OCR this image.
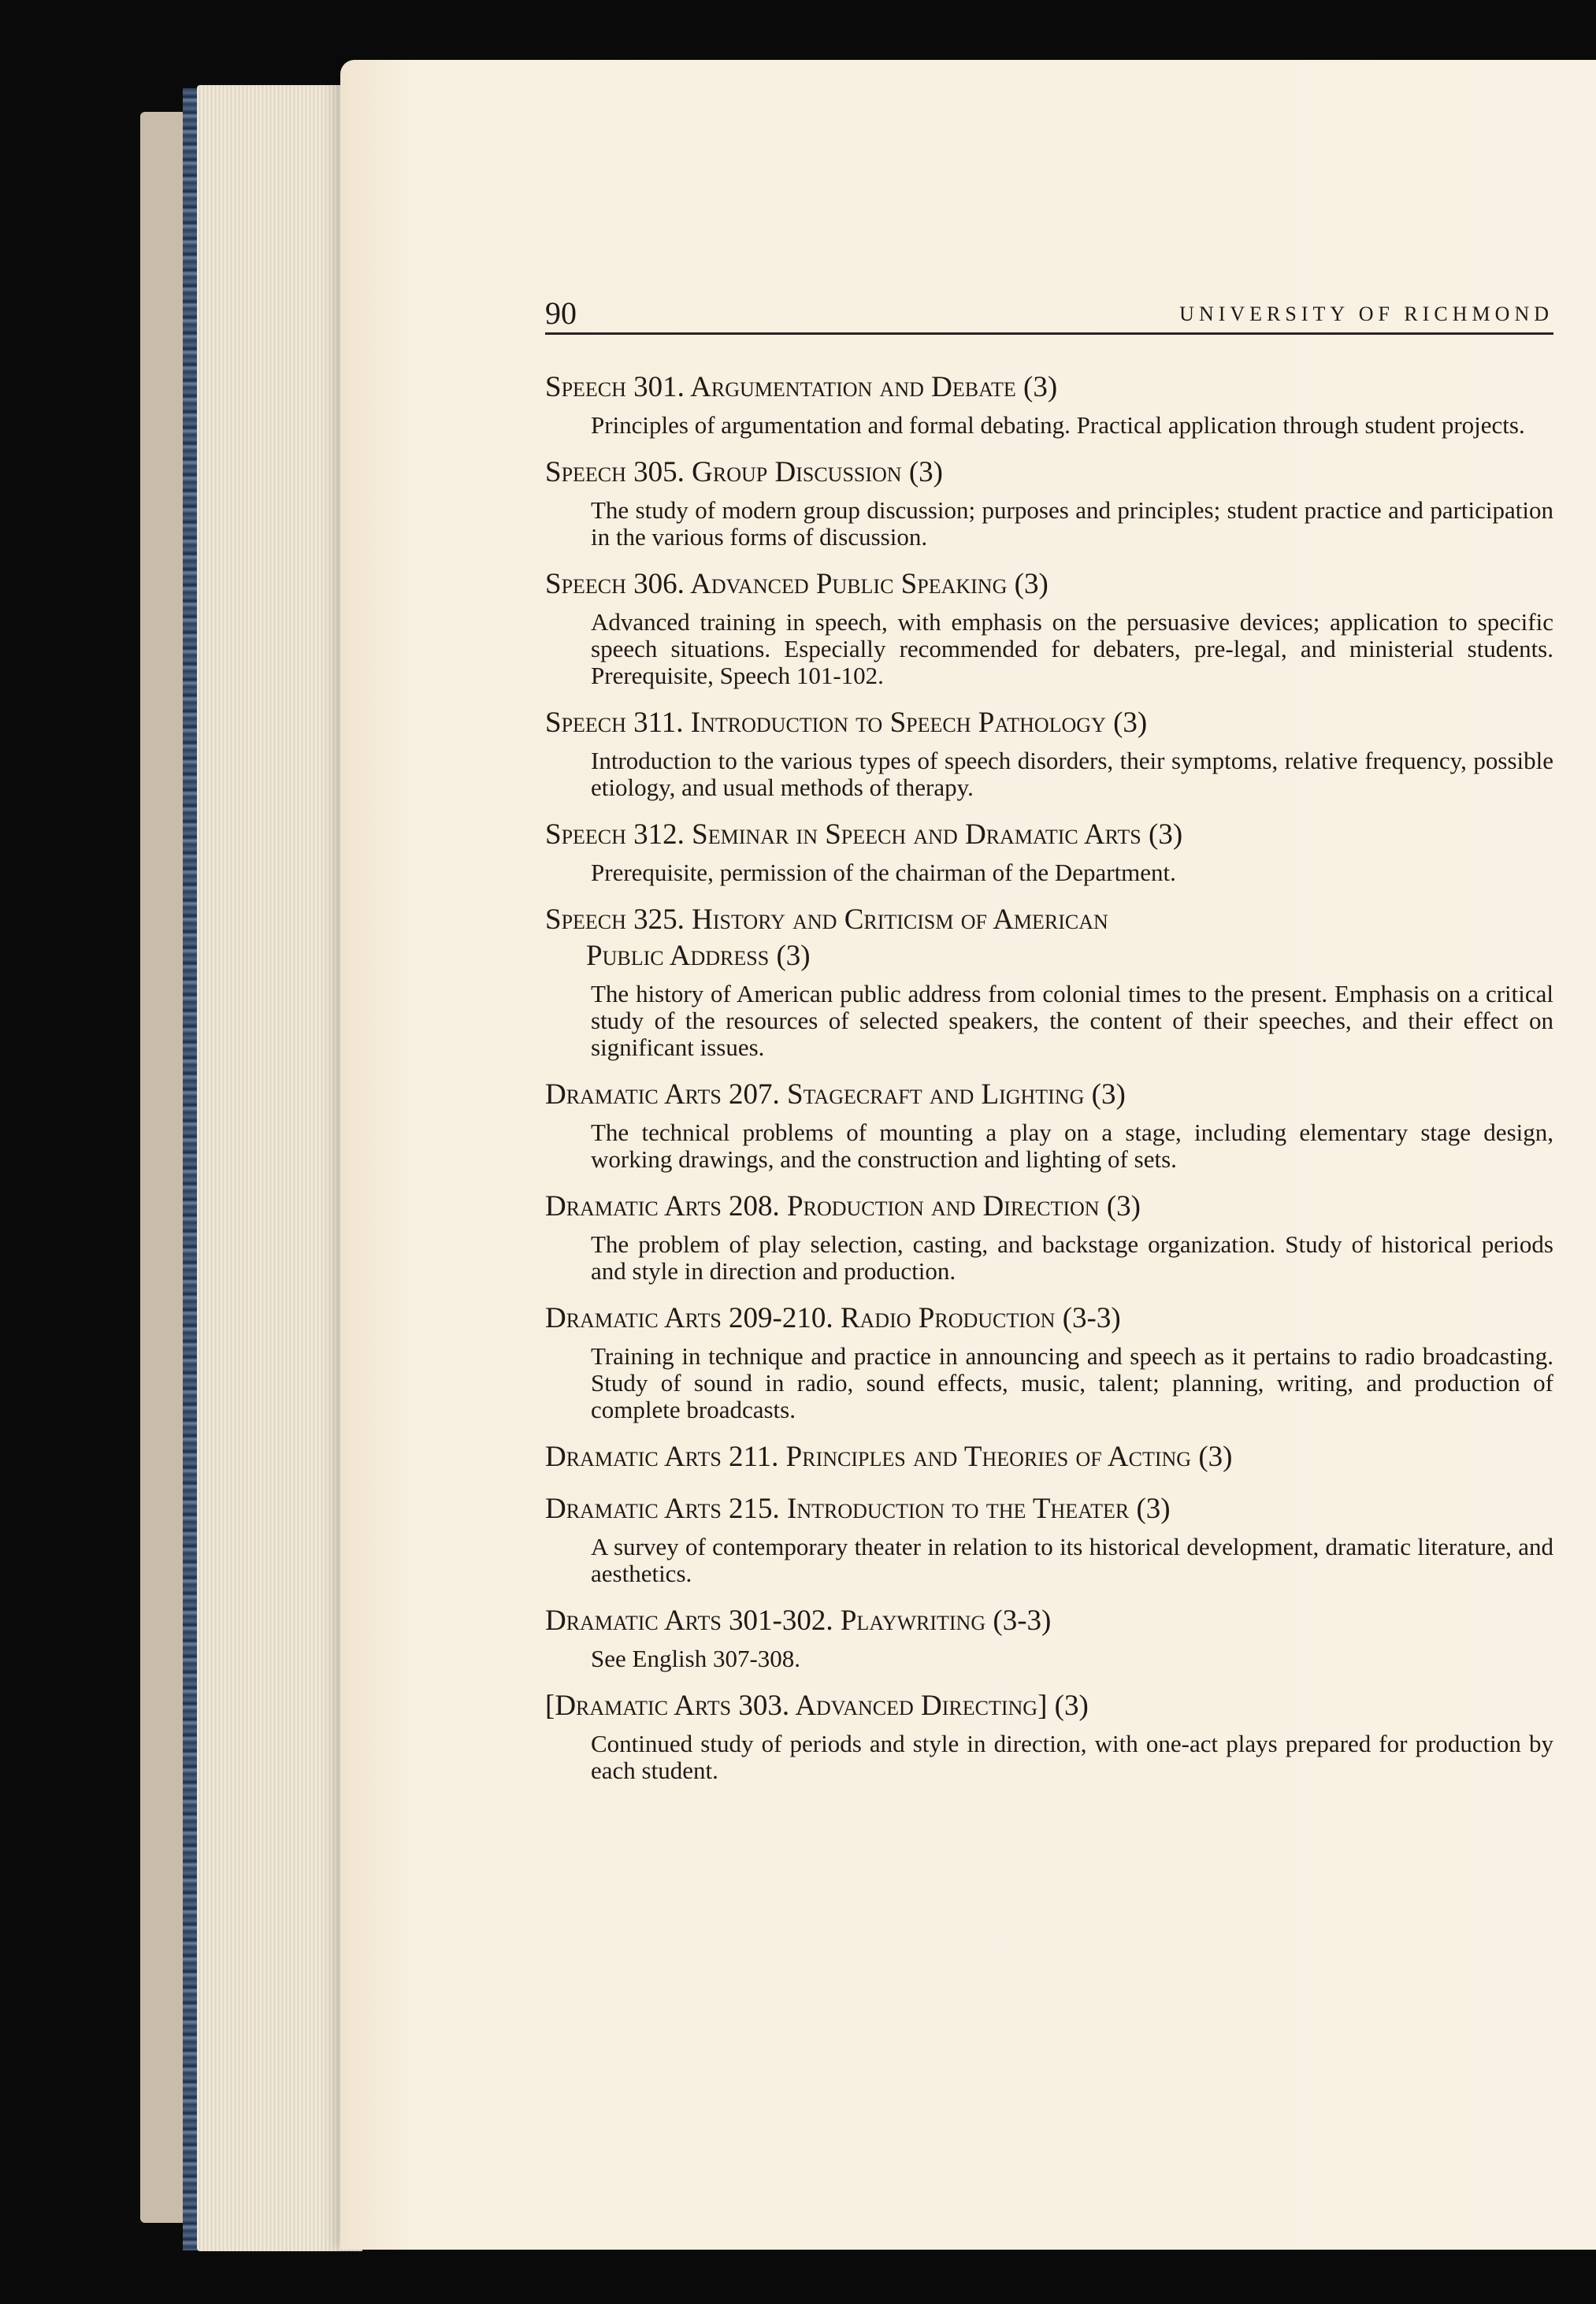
90	UNIVERSITY OF RICHMOND
Speech 301. Argumentation and Debate (3)

Principles of argumentation and formal debating. Practical application through student projects.

Speech 305. Group Discussion (3)

The study of modern group discussion; purposes and principles; student practice and participation in the various forms of discussion.

Speech 306. Advanced Public Speaking (3)

Advanced training in speech, with emphasis on the persuasive devices; application to specific speech situations. Especially recommended for debaters, pre-legal, and ministerial students. Prerequisite, Speech 101-102.

Speech 311. Introduction to Speech Pathology (3)

Introduction to the various types of speech disorders, their symptoms, relative frequency, possible etiology, and usual methods of therapy.

Speech 312. Seminar in Speech and Dramatic Arts (3)

Prerequisite, permission of the chairman of the Department.

Speech 325. History and Criticism of American
Public Address (3)

The history of American public address from colonial times to the present. Emphasis on a critical study of the resources of selected speakers, the content of their speeches, and their effect on significant issues.

Dramatic Arts 207. Stagecraft and Lighting (3)

The technical problems of mounting a play on a stage, including elementary stage design, working drawings, and the construction and lighting of sets.

Dramatic Arts 208. Production and Direction (3)

The problem of play selection, casting, and backstage organization. Study of historical periods and style in direction and production.

Dramatic Arts 209-210. Radio Production (3-3)

Training in technique and practice in announcing and speech as it pertains to radio broadcasting. Study of sound in radio, sound effects, music, talent; planning, writing, and production of complete broadcasts.

Dramatic Arts 211. Principles and Theories of Acting (3)
Dramatic Arts 215. Introduction to the Theater (3)

A survey of contemporary theater in relation to its historical development, dramatic literature, and aesthetics.

Dramatic Arts 301-302. Playwriting (3-3)

See English 307-308.

[Dramatic Arts 303. Advanced Directing] (3)

Continued study of periods and style in direction, with one-act plays prepared for production by each student.
